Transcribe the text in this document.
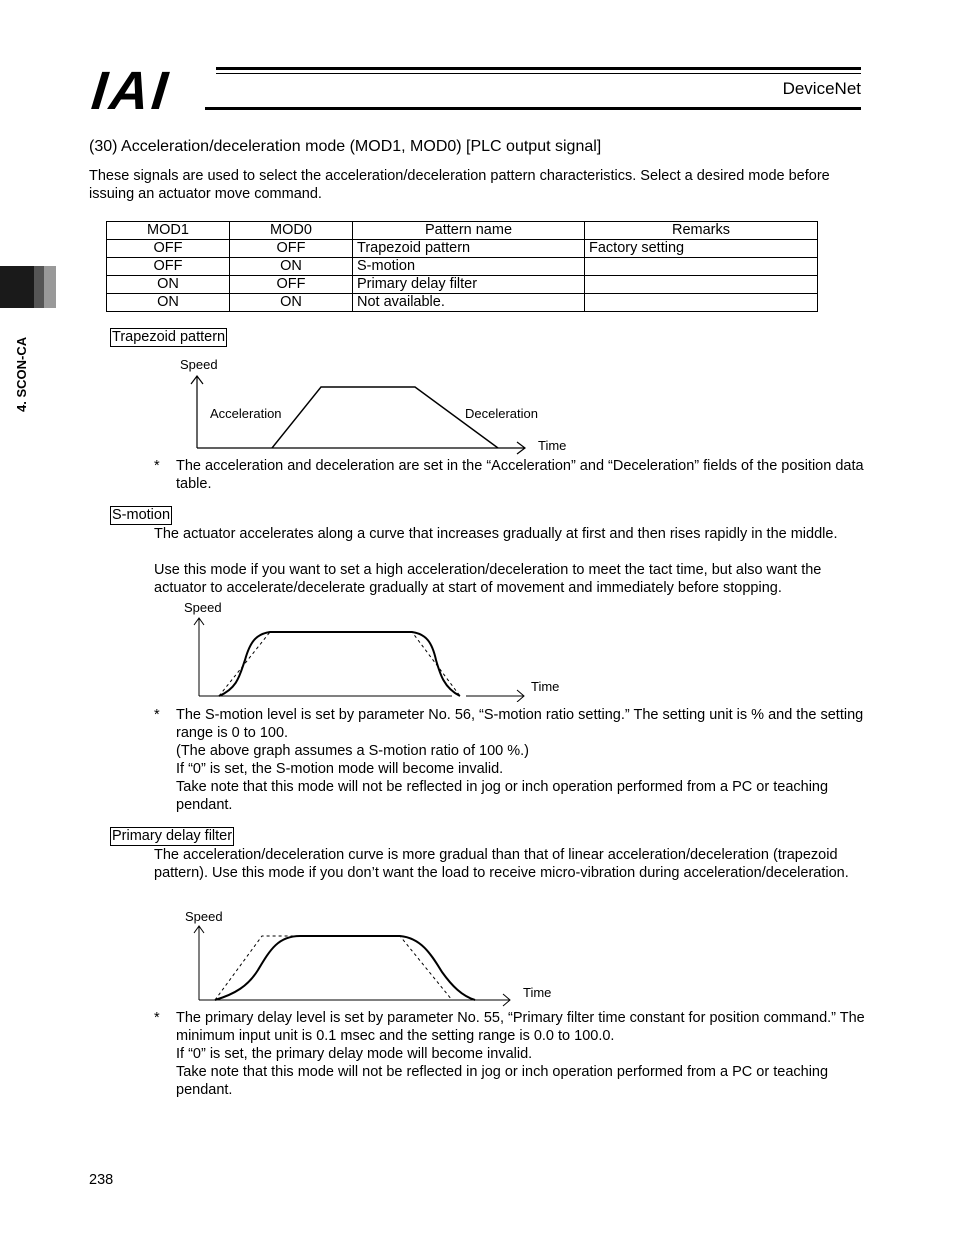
IAI	DeviceNet
4. SCON-CA
(30) Acceleration/deceleration mode (MOD1, MOD0) [PLC output signal]
These signals are used to select the acceleration/deceleration pattern characteristics. Select a desired mode before issuing an actuator move command.
MOD1	MOD0	Pattern name	Remarks
OFF	OFF	Trapezoid pattern	Factory setting
OFF	ON	S-motion	
ON	OFF	Primary delay filter	
ON	ON	Not available.	
Trapezoid pattern
Speed
Acceleration	Deceleration
Time
* The acceleration and deceleration are set in the “Acceleration” and “Deceleration” fields of the position data table.
S-motion
The actuator accelerates along a curve that increases gradually at first and then rises rapidly in the middle.
Use this mode if you want to set a high acceleration/deceleration to meet the tact time, but also want the actuator to accelerate/decelerate gradually at start of movement and immediately before stopping.
Speed
Time
* The S-motion level is set by parameter No. 56, “S-motion ratio setting.” The setting unit is % and the setting range is 0 to 100.
(The above graph assumes a S-motion ratio of 100 %.)
If “0” is set, the S-motion mode will become invalid.
Take note that this mode will not be reflected in jog or inch operation performed from a PC or teaching pendant.
Primary delay filter
The acceleration/deceleration curve is more gradual than that of linear acceleration/deceleration (trapezoid pattern). Use this mode if you don’t want the load to receive micro-vibration during acceleration/deceleration.
Speed
Time
* The primary delay level is set by parameter No. 55, “Primary filter time constant for position command.” The minimum input unit is 0.1 msec and the setting range is 0.0 to 100.0.
If “0” is set, the primary delay mode will become invalid.
Take note that this mode will not be reflected in jog or inch operation performed from a PC or teaching pendant.
238
